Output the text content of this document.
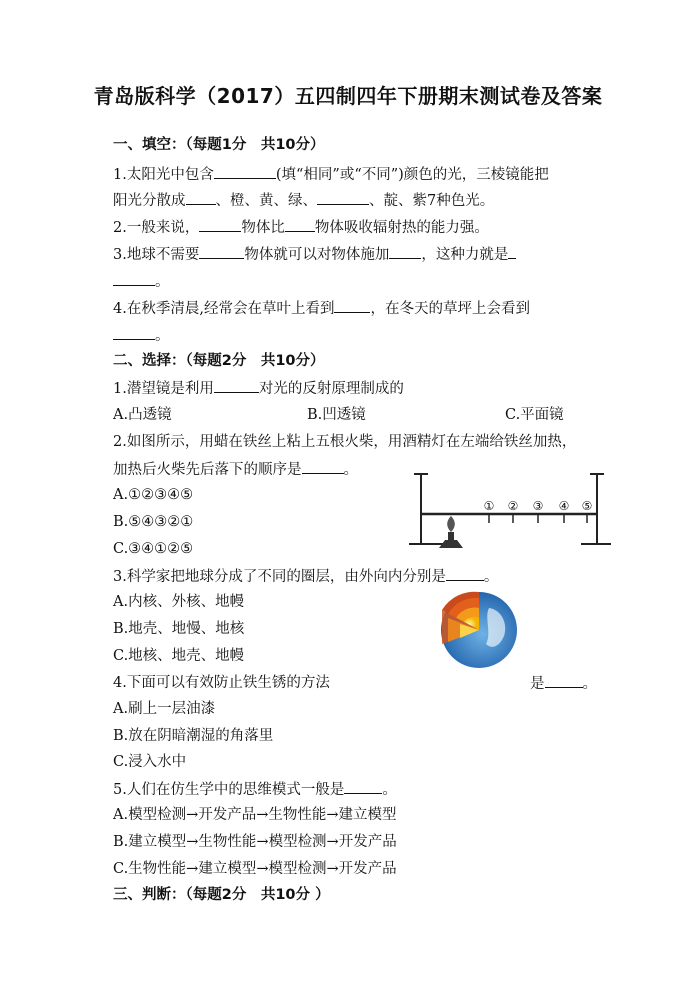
青岛版科学（2017）五四制四年下册期末测试卷及答案
一、填空：（每题1分　共10分）
1.太阳光中包含	(填“相同”或“不同”)颜色的光，三棱镜能把
阳光分散成 、橙、黄、绿、	、靛、紫7种色光。
2.一般来说，	物体比 物体吸收辐射热的能力强。
3.地球不需要	物体就可以对物体施加 ，这种力就是
。
4.在秋季清晨,经常会在草叶上看到 ，在冬天的草坪上会看到
。
二、选择：（每题2分　共10分）
1.潜望镜是利用	对光的反射原理制成的
A.凸透镜	B.凹透镜	C.平面镜
2.如图所示，用蜡在铁丝上粘上五根火柴，用酒精灯在左端给铁丝加热，
加热后火柴先后落下的顺序是	。
A.①②③④⑤
B.⑤④③②①
C.③④①②⑤
① ② ③ ④ ⑤
3.科学家把地球分成了不同的圈层，由外向内分别是	。
A.内核、外核、地幔
B.地壳、地慢、地核
C.地核、地壳、地幔
4.下面可以有效防止铁生锈的方法	是	。
A.刷上一层油漆
B.放在阴暗潮湿的角落里
C.浸入水中
5.人们在仿生学中的思维模式一般是	。
A.模型检测→开发产品→生物性能→建立模型
B.建立模型→生物性能→模型检测→开发产品
C.生物性能→建立模型→模型检测→开发产品
三、判断：（每题2分　共10分 ）
